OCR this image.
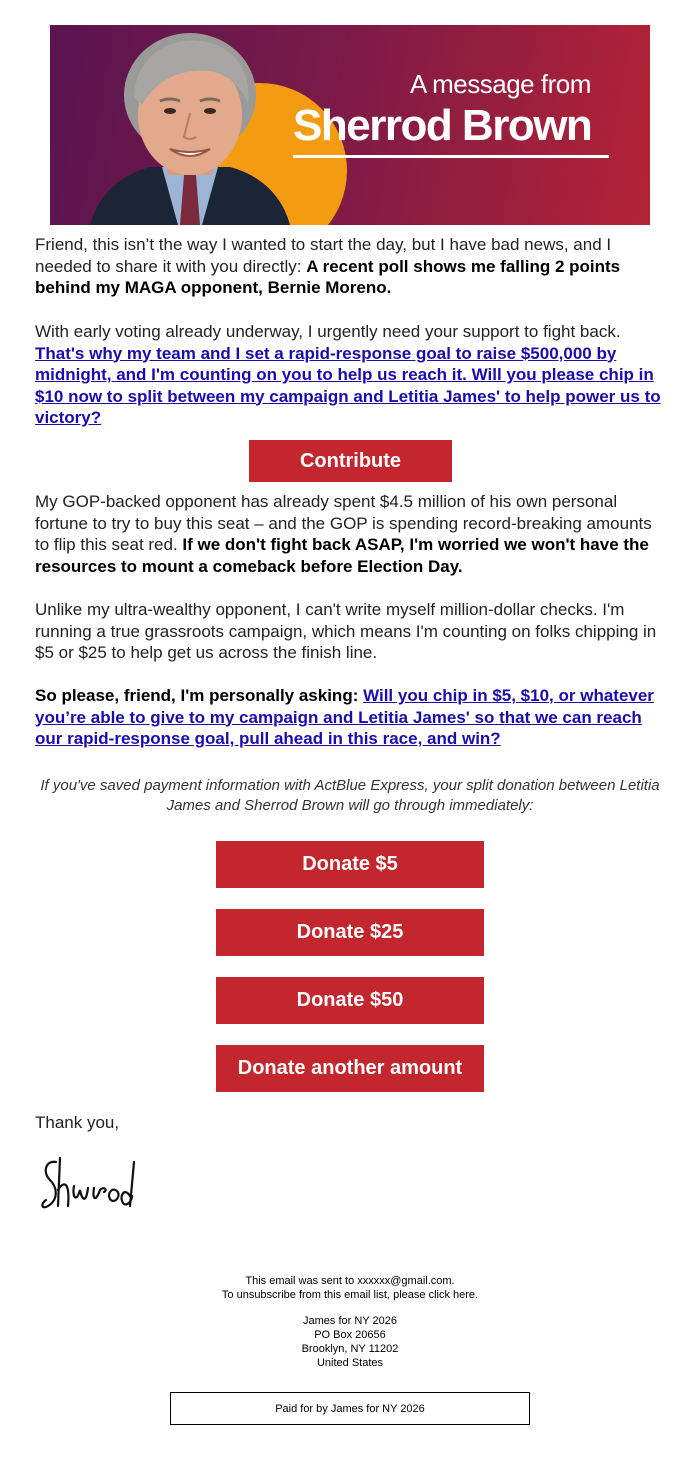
A message from
Sherrod Brown
Friend, this isn’t the way I wanted to start the day, but I have bad news, and I needed to share it with you directly: A recent poll shows me falling 2 points behind my MAGA opponent, Bernie Moreno.
With early voting already underway, I urgently need your support to fight back. That's why my team and I set a rapid-response goal to raise $500,000 by midnight, and I'm counting on you to help us reach it. Will you please chip in $10 now to split between my campaign and Letitia James' to help power us to victory?
Contribute
My GOP-backed opponent has already spent $4.5 million of his own personal fortune to try to buy this seat – and the GOP is spending record-breaking amounts to flip this seat red. If we don't fight back ASAP, I'm worried we won't have the resources to mount a comeback before Election Day.
Unlike my ultra-wealthy opponent, I can't write myself million-dollar checks. I'm running a true grassroots campaign, which means I'm counting on folks chipping in $5 or $25 to help get us across the finish line.
So please, friend, I'm personally asking: Will you chip in $5, $10, or whatever you’re able to give to my campaign and Letitia James' so that we can reach our rapid-response goal, pull ahead in this race, and win?
If you've saved payment information with ActBlue Express, your split donation between Letitia James and Sherrod Brown will go through immediately:
Donate $5
Donate $25
Donate $50
Donate another amount
Thank you,
This email was sent to xxxxxx@gmail.com.
To unsubscribe from this email list, please click here.
James for NY 2026
PO Box 20656
Brooklyn, NY 11202
United States
Paid for by James for NY 2026
